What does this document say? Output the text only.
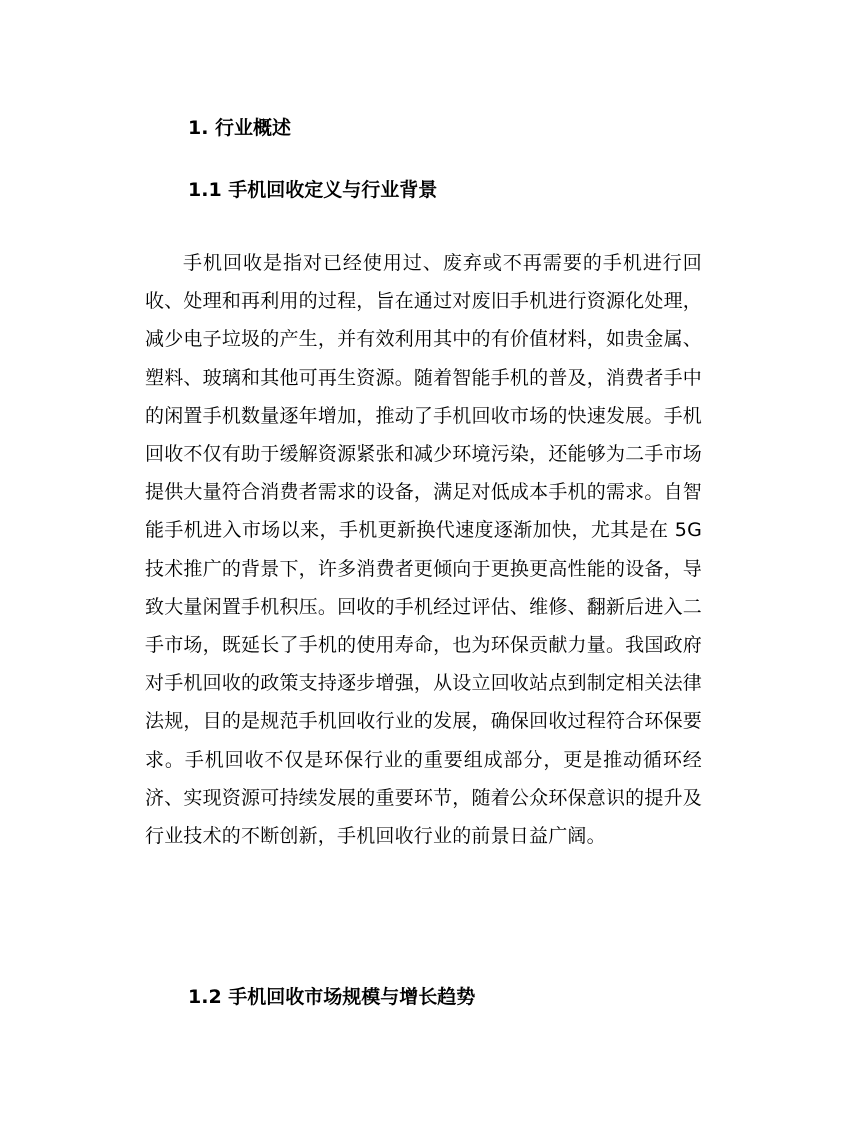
1. 行业概述
1.1 手机回收定义与行业背景

手机回收是指对已经使用过、废弃或不再需要的手机进行回收、处理和再利用的过程，旨在通过对废旧手机进行资源化处理，减少电子垃圾的产生，并有效利用其中的有价值材料，如贵金属、塑料、玻璃和其他可再生资源。随着智能手机的普及，消费者手中的闲置手机数量逐年增加，推动了手机回收市场的快速发展。手机回收不仅有助于缓解资源紧张和减少环境污染，还能够为二手市场提供大量符合消费者需求的设备，满足对低成本手机的需求。自智能手机进入市场以来，手机更新换代速度逐渐加快，尤其是在 5G 技术推广的背景下，许多消费者更倾向于更换更高性能的设备，导致大量闲置手机积压。回收的手机经过评估、维修、翻新后进入二手市场，既延长了手机的使用寿命，也为环保贡献力量。我国政府对手机回收的政策支持逐步增强，从设立回收站点到制定相关法律法规，目的是规范手机回收行业的发展，确保回收过程符合环保要求。手机回收不仅是环保行业的重要组成部分，更是推动循环经济、实现资源可持续发展的重要环节，随着公众环保意识的提升及行业技术的不断创新，手机回收行业的前景日益广阔。

1.2 手机回收市场规模与增长趋势
